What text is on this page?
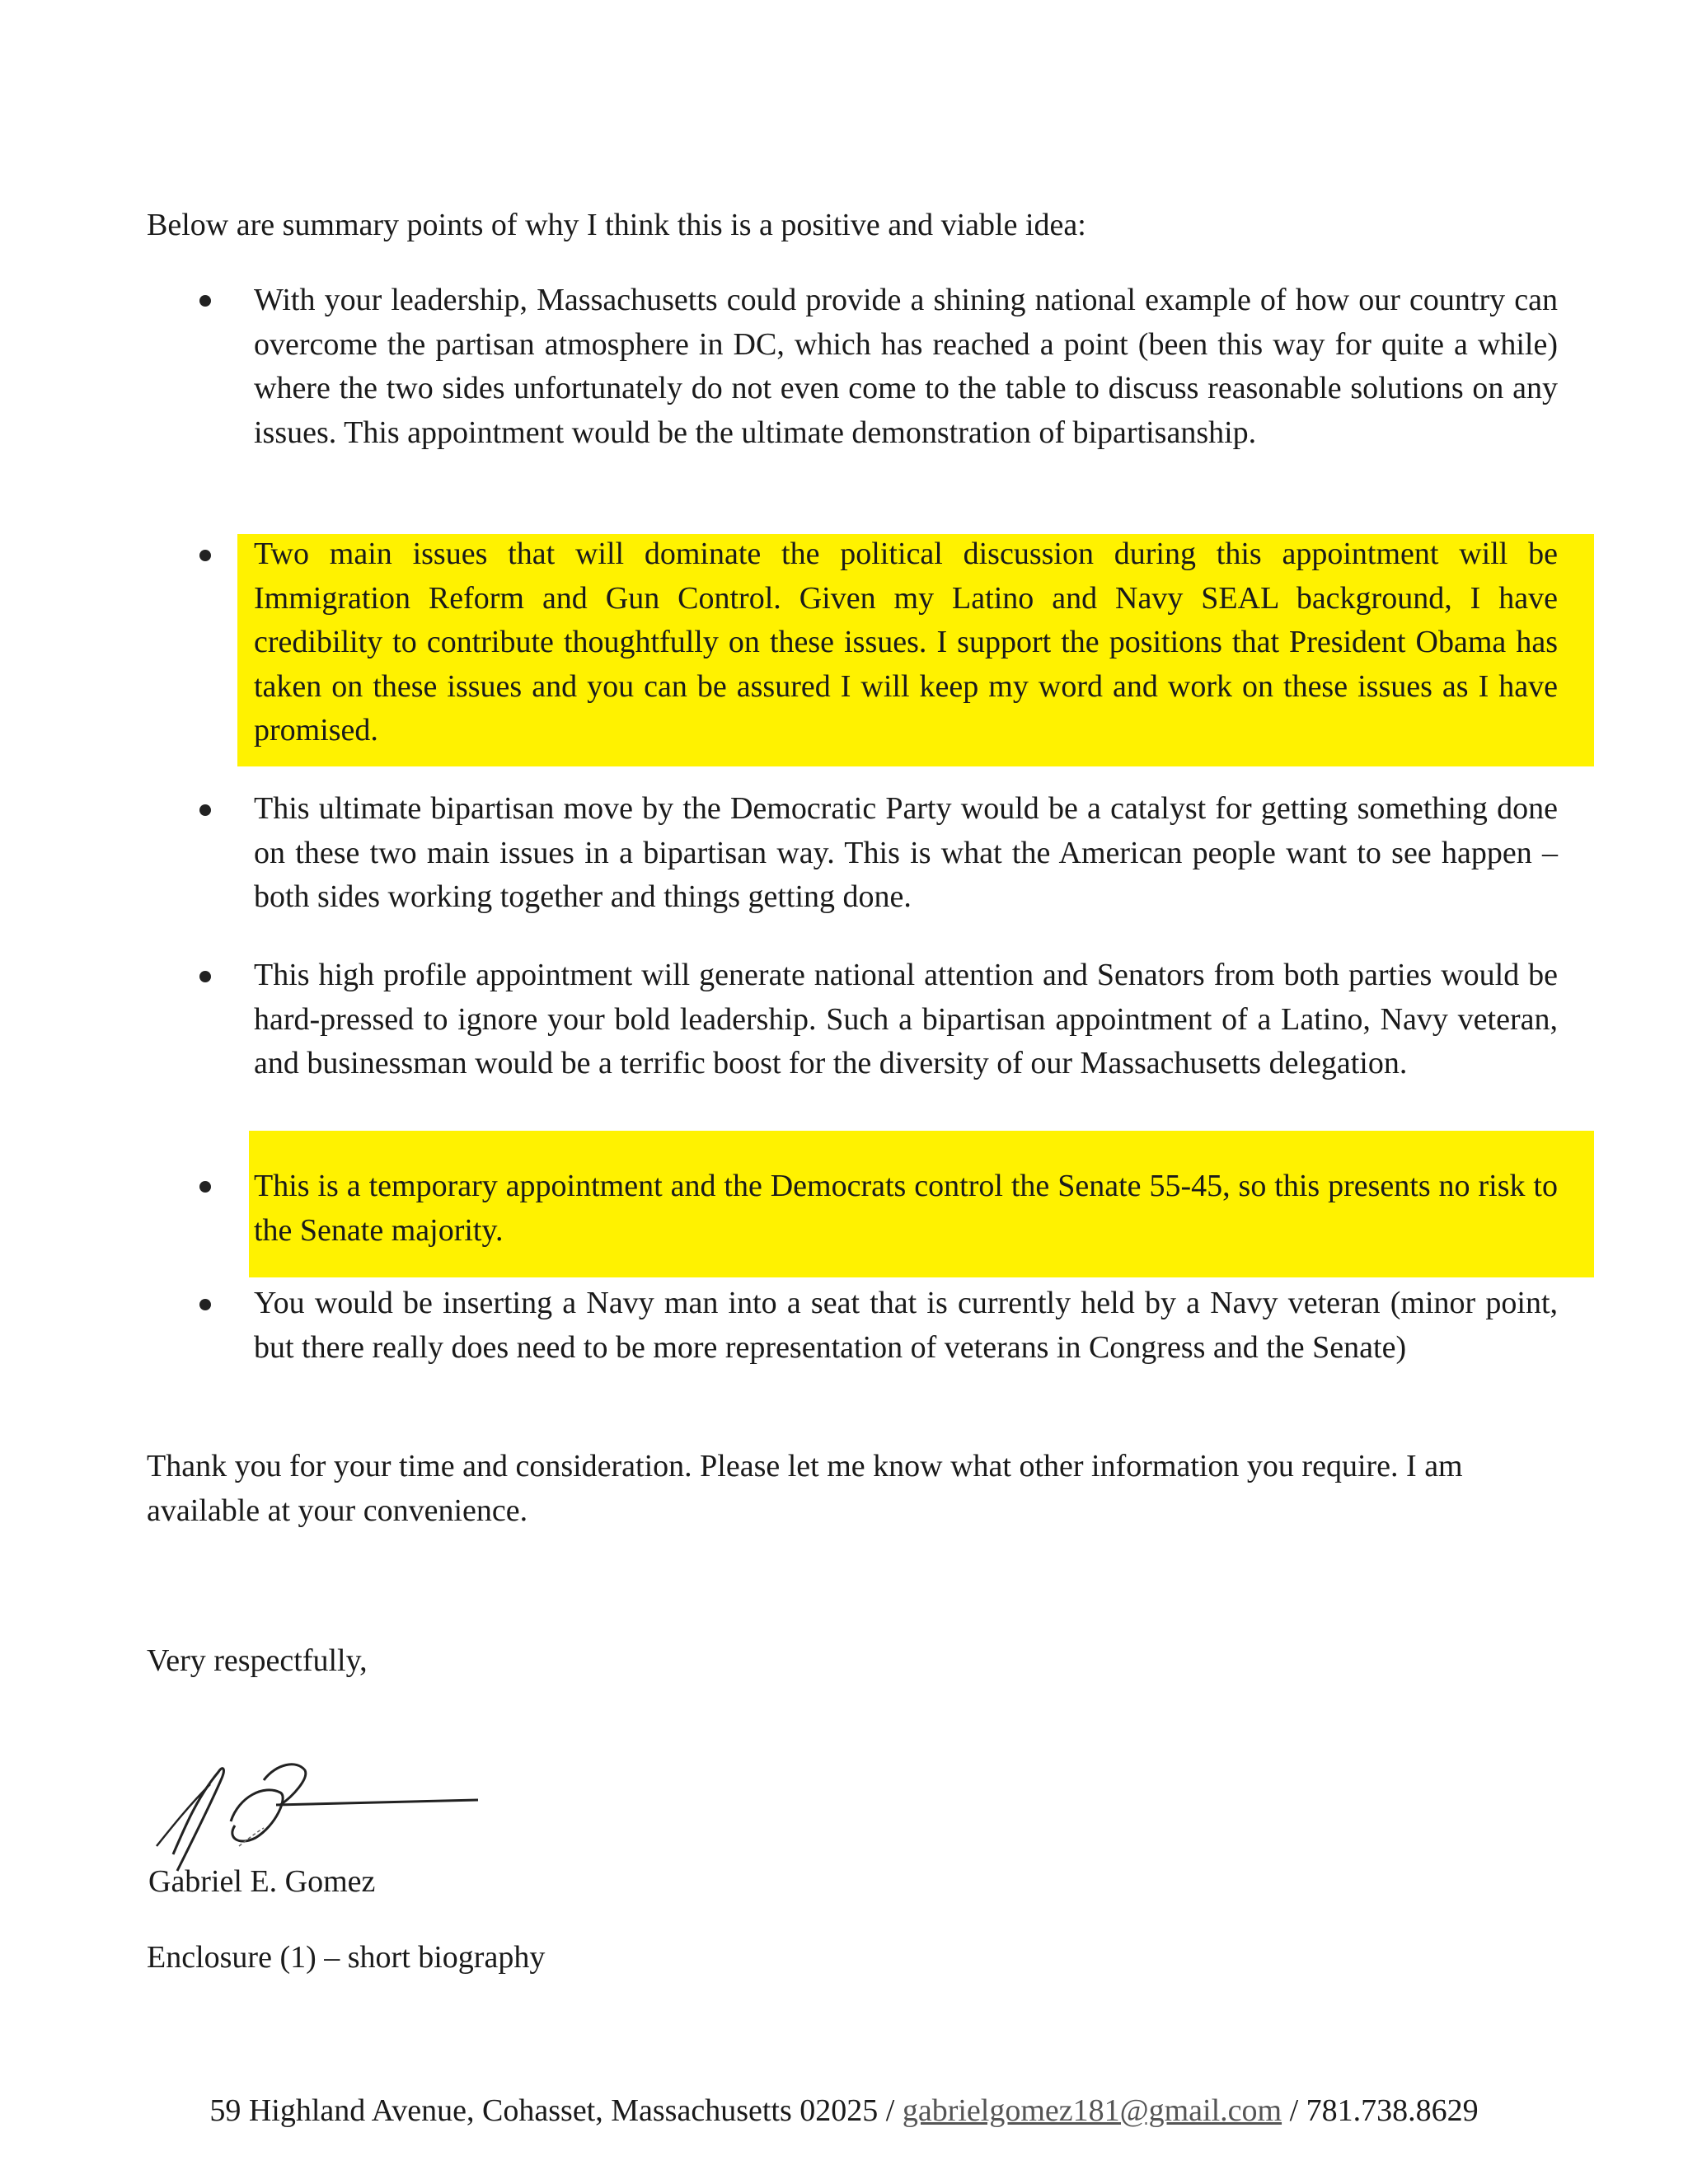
Below are summary points of why I think this is a positive and viable idea:

With your leadership, Massachusetts could provide a shining national example of how our country can overcome the partisan atmosphere in DC, which has reached a point (been this way for quite a while) where the two sides unfortunately do not even come to the table to discuss reasonable solutions on any issues. This appointment would be the ultimate demonstration of bipartisanship.
Two main issues that will dominate the political discussion during this appointment will be Immigration Reform and Gun Control. Given my Latino and Navy SEAL background, I have credibility to contribute thoughtfully on these issues. I support the positions that President Obama has taken on these issues and you can be assured I will keep my word and work on these issues as I have promised.
This ultimate bipartisan move by the Democratic Party would be a catalyst for getting something done on these two main issues in a bipartisan way. This is what the American people want to see happen – both sides working together and things getting done.
This high profile appointment will generate national attention and Senators from both parties would be hard-pressed to ignore your bold leadership. Such a bipartisan appointment of a Latino, Navy veteran, and businessman would be a terrific boost for the diversity of our Massachusetts delegation.
This is a temporary appointment and the Democrats control the Senate 55-45, so this presents no risk to the Senate majority.
You would be inserting a Navy man into a seat that is currently held by a Navy veteran (minor point, but there really does need to be more representation of veterans in Congress and the Senate)

Thank you for your time and consideration. Please let me know what other information you require. I am available at your convenience.

Very respectfully,

Gabriel E. Gomez

Enclosure (1) – short biography

59 Highland Avenue, Cohasset, Massachusetts 02025 / gabrielgomez181@gmail.com / 781.738.8629
